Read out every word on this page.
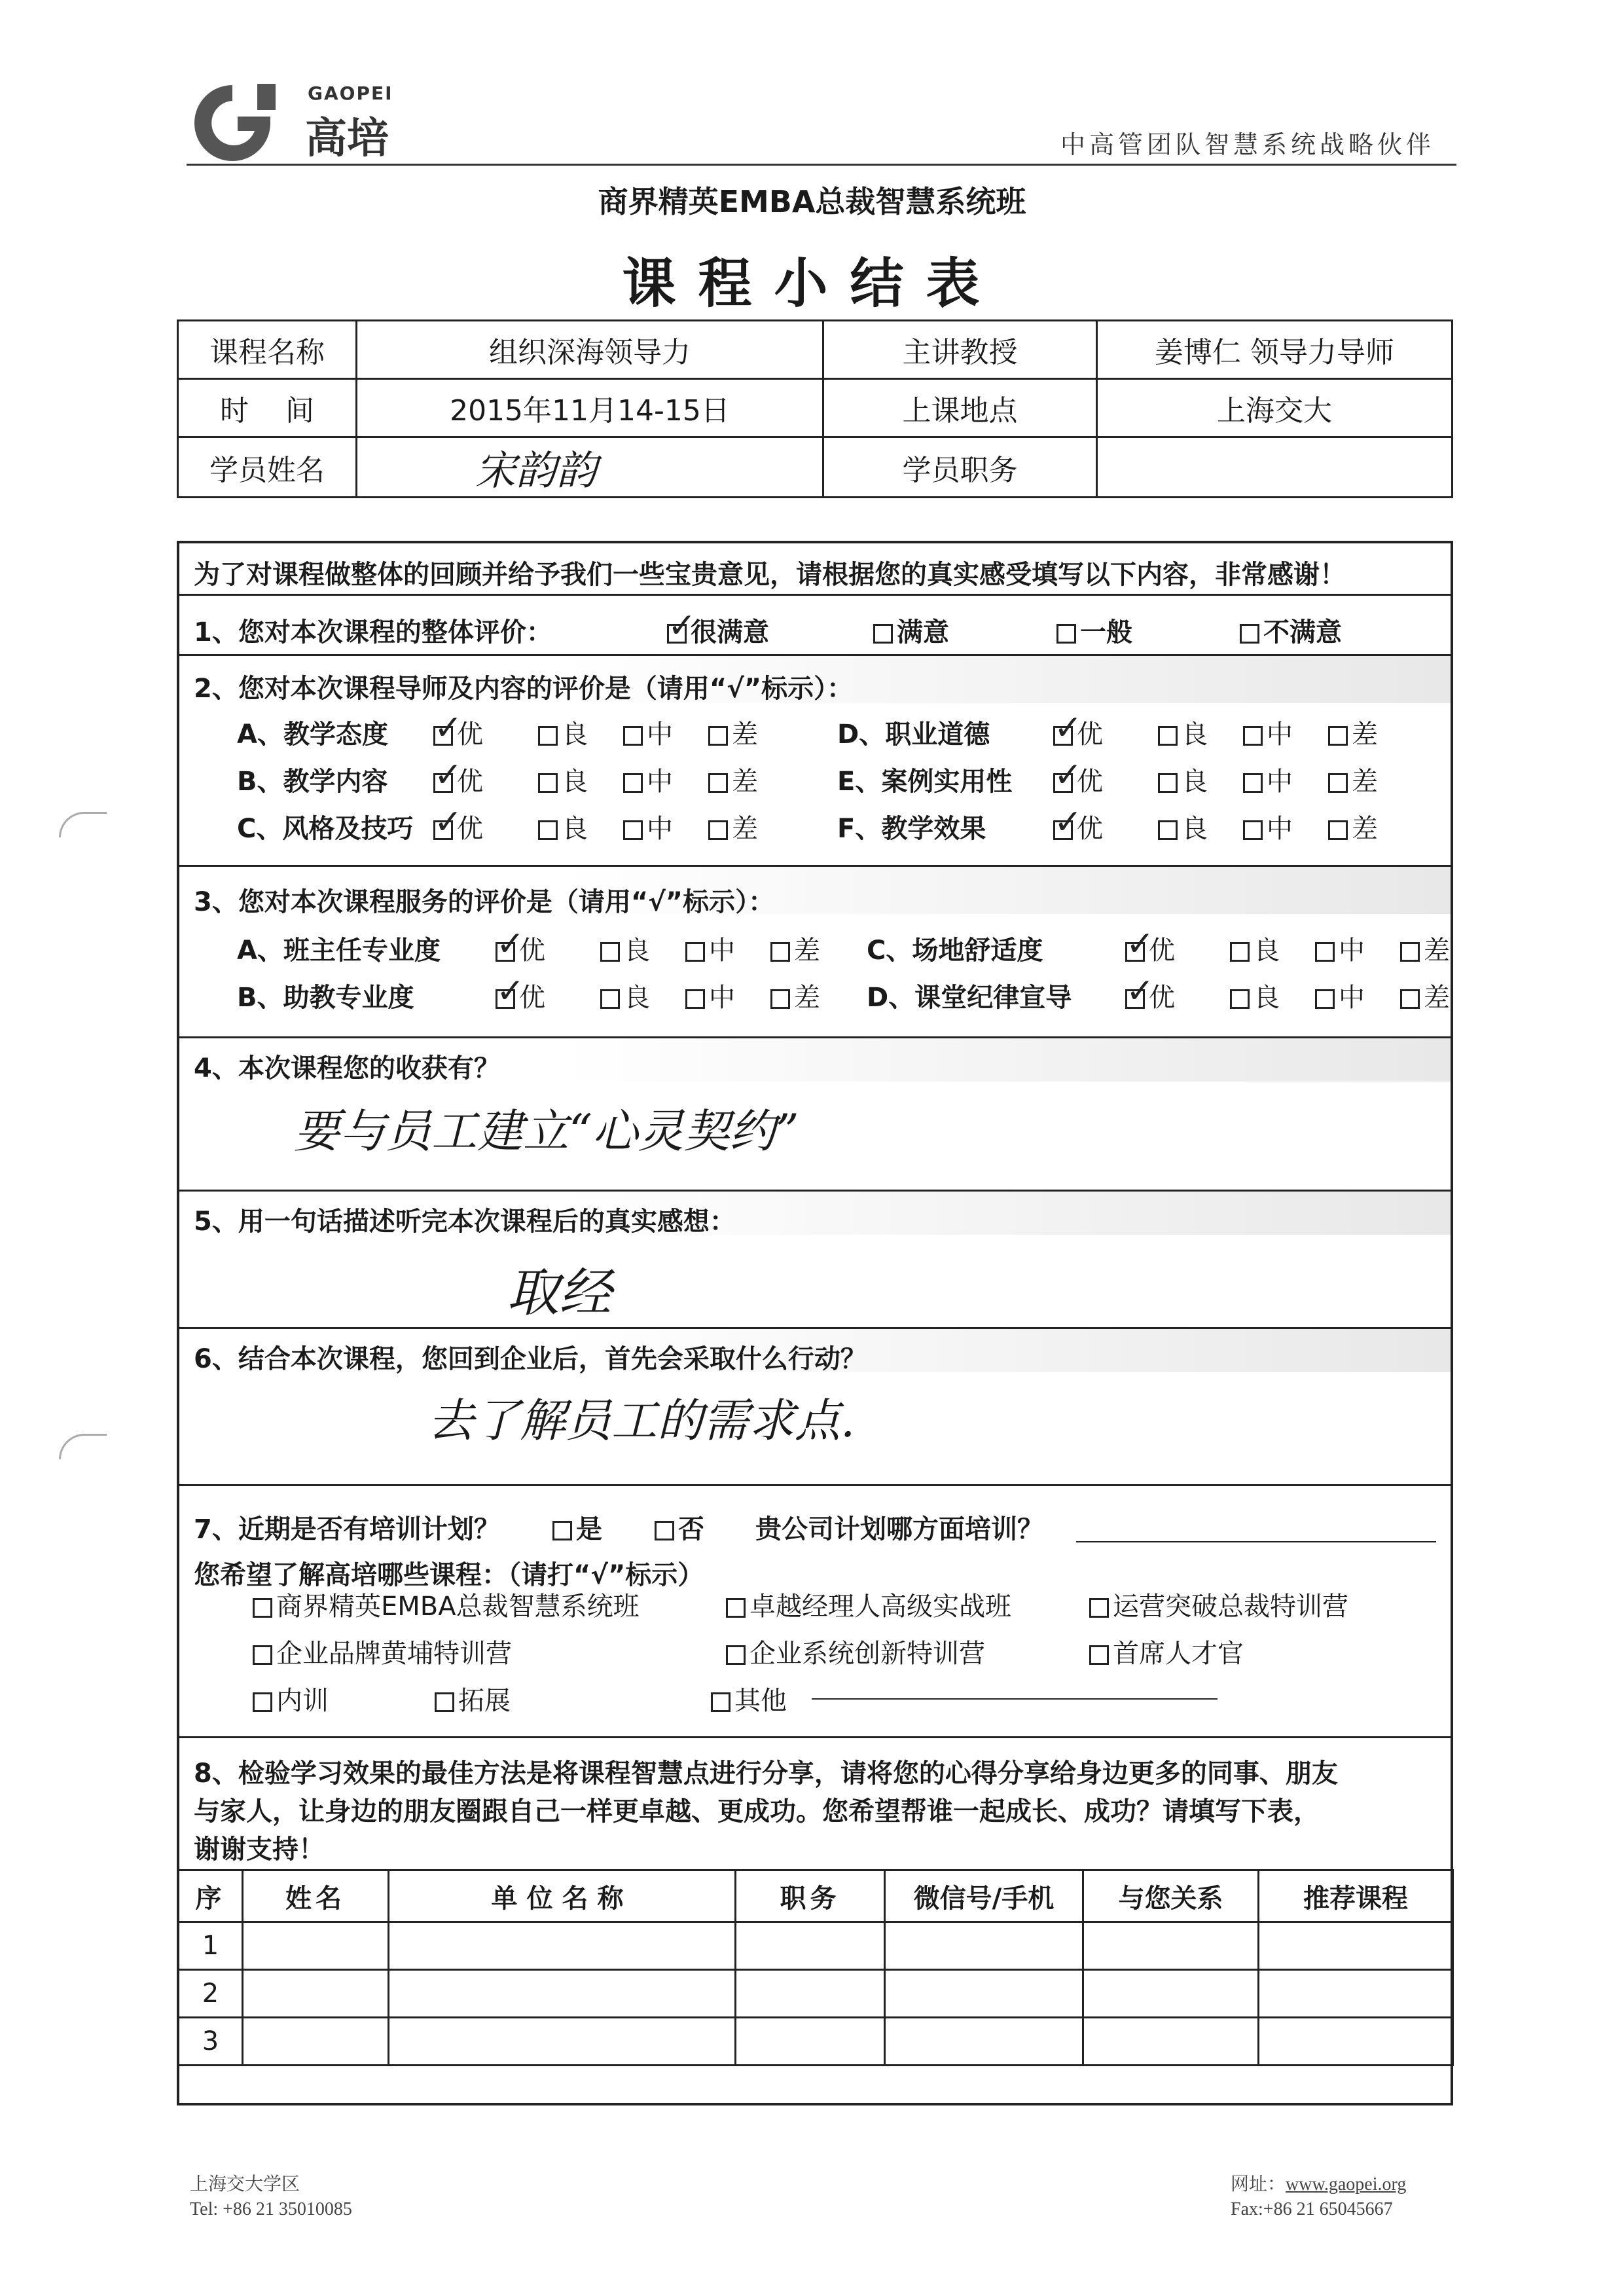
GAOPEI
高培	中高管团队智慧系统战略伙伴
商界精英EMBA总裁智慧系统班
课程小结表
课程名称	组织深海领导力	主讲教授	姜博仁 领导力导师
时    间	2015年11月14-15日	上课地点	上海交大
学员姓名	宋韵韵	学员职务	
为了对课程做整体的回顾并给予我们一些宝贵意见，请根据您的真实感受填写以下内容，非常感谢！
1、您对本次课程的整体评价： ✓	很满意	满意	一般	不满意
2、您对本次课程导师及内容的评价是（请用“√”标示）：
A、教学态度 ✓	优	良	中	差
B、教学内容 ✓	优	良	中	差
C、风格及技巧 ✓	优	良	中	差
D、职业道德 ✓	优	良	中	差
E、案例实用性 ✓	优	良	中	差
F、教学效果 ✓	优	良	中	差
3、您对本次课程服务的评价是（请用“√”标示）：
A、班主任专业度 ✓	优	良	中	差
B、助教专业度 ✓	优	良	中	差
C、场地舒适度 ✓	优	良	中	差
D、课堂纪律宣导 ✓	优	良	中	差
4、本次课程您的收获有？
要与员工建立“心灵契约”
5、用一句话描述听完本次课程后的真实感想：
取经
6、结合本次课程，您回到企业后，首先会采取什么行动？
去了解员工的需求点.
7、近期是否有培训计划？	是	否 贵公司计划哪方面培训？
您希望了解高培哪些课程：（请打“√”标示）
商界精英EMBA总裁智慧系统班	卓越经理人高级实战班	运营突破总裁特训营
企业品牌黄埔特训营	企业系统创新特训营	首席人才官
内训	拓展	其他
8、检验学习效果的最佳方法是将课程智慧点进行分享，请将您的心得分享给身边更多的同事、朋友
与家人，让身边的朋友圈跟自己一样更卓越、更成功。您希望帮谁一起成长、成功？请填写下表，
谢谢支持！
序	姓名	单位名称	职务	微信号/手机	与您关系	推荐课程
1						
2						
3						
上海交大学区
Tel: +86 21 35010085
网址：www.gaopei.org
Fax:+86 21 65045667
